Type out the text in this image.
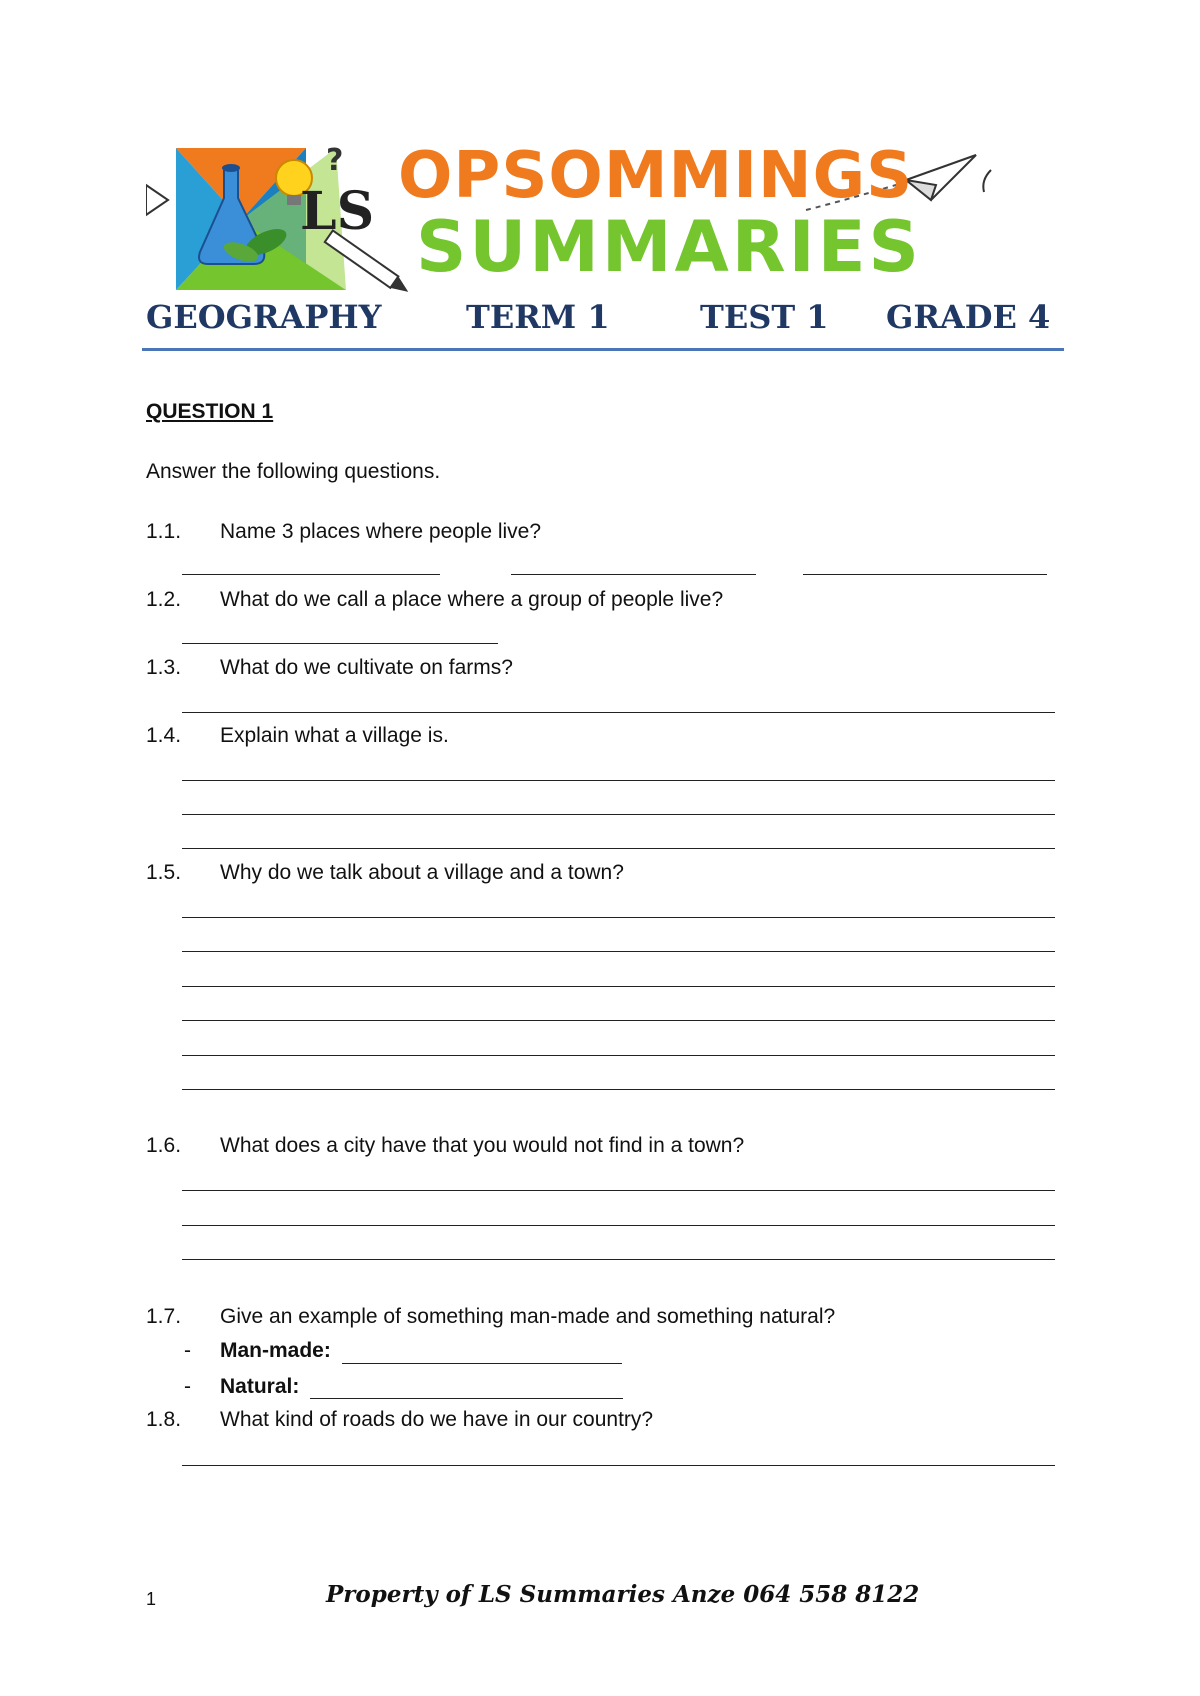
?
LS OPSOMMINGS
SUMMARIES
GEOGRAPHY	TERM 1	TEST 1 GRADE 4
QUESTION 1
Answer the following questions.
1.1. Name 3 places where people live?
1.2. What do we call a place where a group of people live?
1.3. What do we cultivate on farms?
1.4. Explain what a village is.
1.5. Why do we talk about a village and a town?
1.6. What does a city have that you would not find in a town?
1.7. Give an example of something man-made and something natural?
- Man-made:
- Natural:
1.8. What kind of roads do we have in our country?
1	Property of LS Summaries Anze 064 558 8122
